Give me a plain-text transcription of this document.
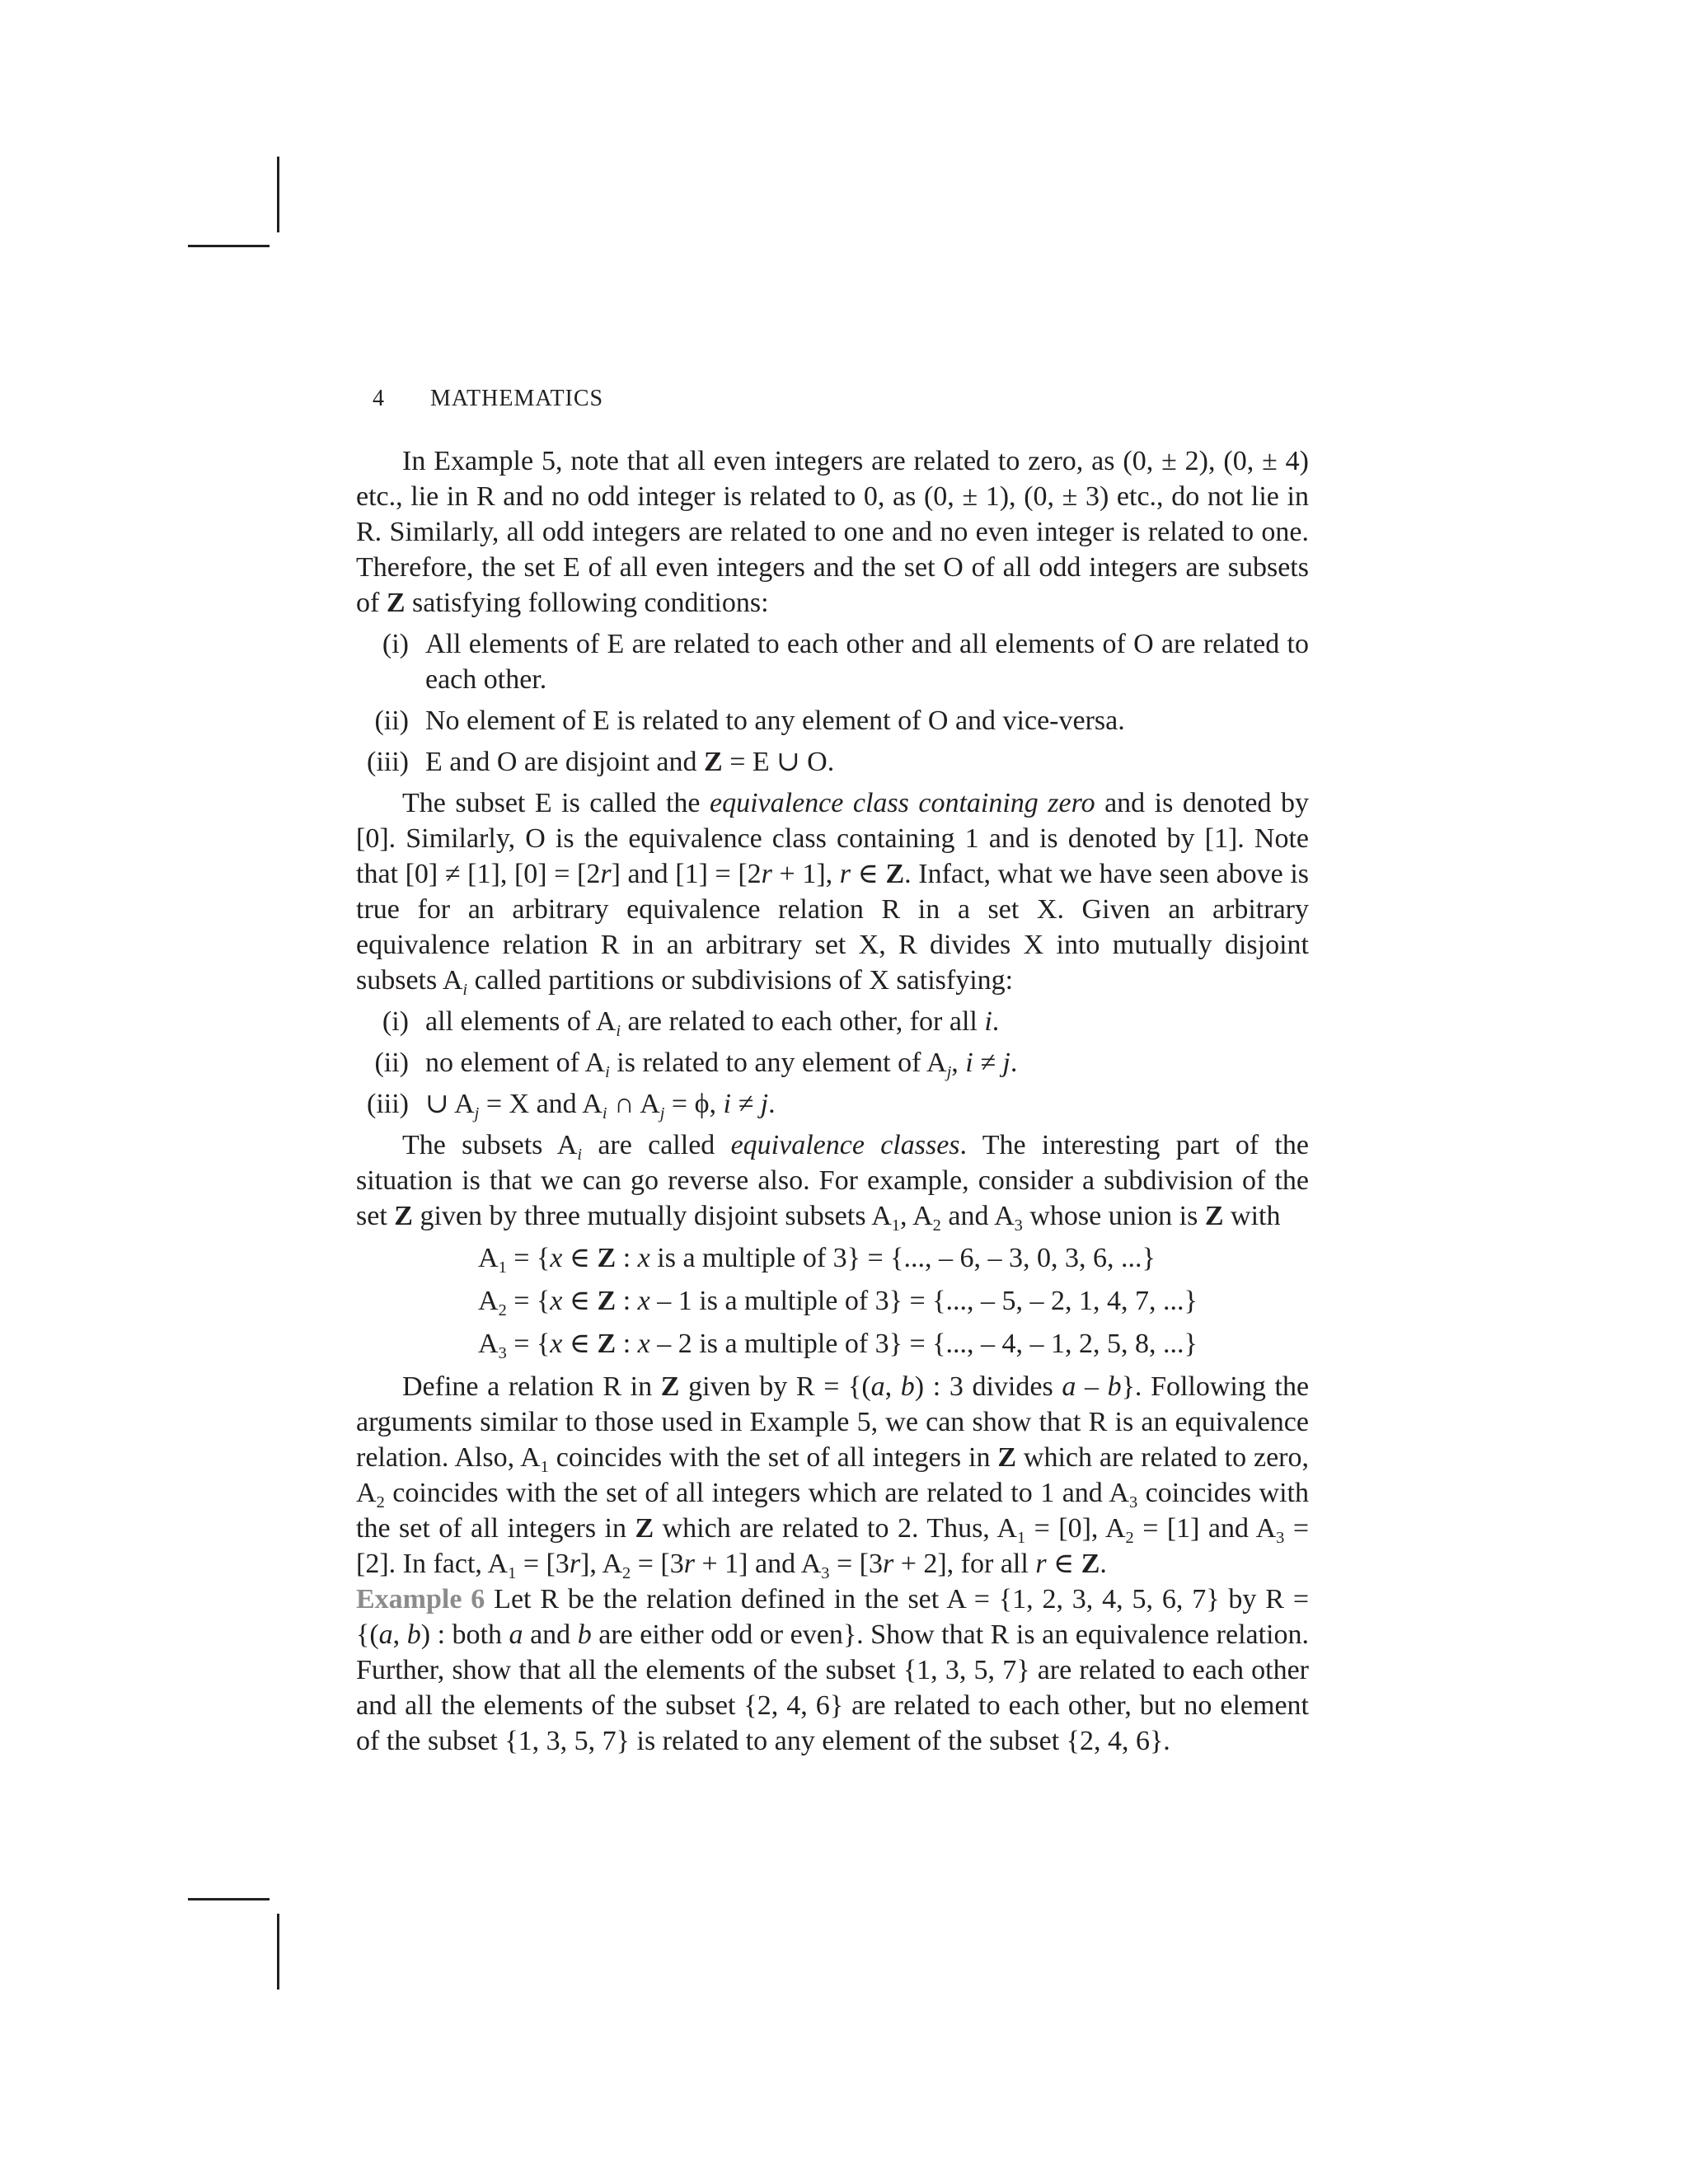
4 MATHEMATICS

In Example 5, note that all even integers are related to zero, as (0, ± 2), (0, ± 4) etc., lie in R and no odd integer is related to 0, as (0, ± 1), (0, ± 3) etc., do not lie in R. Similarly, all odd integers are related to one and no even integer is related to one. Therefore, the set E of all even integers and the set O of all odd integers are subsets of Z satisfying following conditions:

(i) All elements of E are related to each other and all elements of O are related to each other.
(ii) No element of E is related to any element of O and vice-versa.
(iii) E and O are disjoint and Z = E ∪ O.

The subset E is called the equivalence class containing zero and is denoted by [0]. Similarly, O is the equivalence class containing 1 and is denoted by [1]. Note that [0] ≠ [1], [0] = [2r] and [1] = [2r + 1], r ∈ Z. Infact, what we have seen above is true for an arbitrary equivalence relation R in a set X. Given an arbitrary equivalence relation R in an arbitrary set X, R divides X into mutually disjoint subsets $A_i$ called partitions or subdivisions of X satisfying:

(i) all elements of $A_i$ are related to each other, for all i.
(ii) no element of $A_i$ is related to any element of $A_j$, i ≠ j.
(iii) ∪ $A_j = X$ and $A_i$ ∩ $A_j = \phi$, i ≠ j.

The subsets $A_i$ are called equivalence classes. The interesting part of the situation is that we can go reverse also. For example, consider a subdivision of the set Z given by three mutually disjoint subsets $A_1$, $A_2$ and $A_3$ whose union is Z with

$A_1 = \{x$ ∈ Z : x is a multiple of 3} = {..., – 6, – 3, 0, 3, 6, ...}
$A_2 = \{x$ ∈ Z : x – 1 is a multiple of 3} = {..., – 5, – 2, 1, 4, 7, ...}
$A_3 = \{x$ ∈ Z : x – 2 is a multiple of 3} = {..., – 4, – 1, 2, 5, 8, ...}

Define a relation R in Z given by R = {(a, b) : 3 divides a – b}. Following the arguments similar to those used in Example 5, we can show that R is an equivalence relation. Also, $A_1$ coincides with the set of all integers in Z which are related to zero, $A_2$ coincides with the set of all integers which are related to 1 and $A_3$ coincides with the set of all integers in Z which are related to 2. Thus, $A_1 = [0]$, $A_2 = [1]$ and $A_3 = [2]$. In fact, $A_1 = [3r]$, $A_2 = [3r + 1]$ and $A_3 = [3r + 2]$, for all r ∈ Z.

Example 6 Let R be the relation defined in the set A = {1, 2, 3, 4, 5, 6, 7} by R = {(a, b) : both a and b are either odd or even}. Show that R is an equivalence relation. Further, show that all the elements of the subset {1, 3, 5, 7} are related to each other and all the elements of the subset {2, 4, 6} are related to each other, but no element of the subset {1, 3, 5, 7} is related to any element of the subset {2, 4, 6}.
